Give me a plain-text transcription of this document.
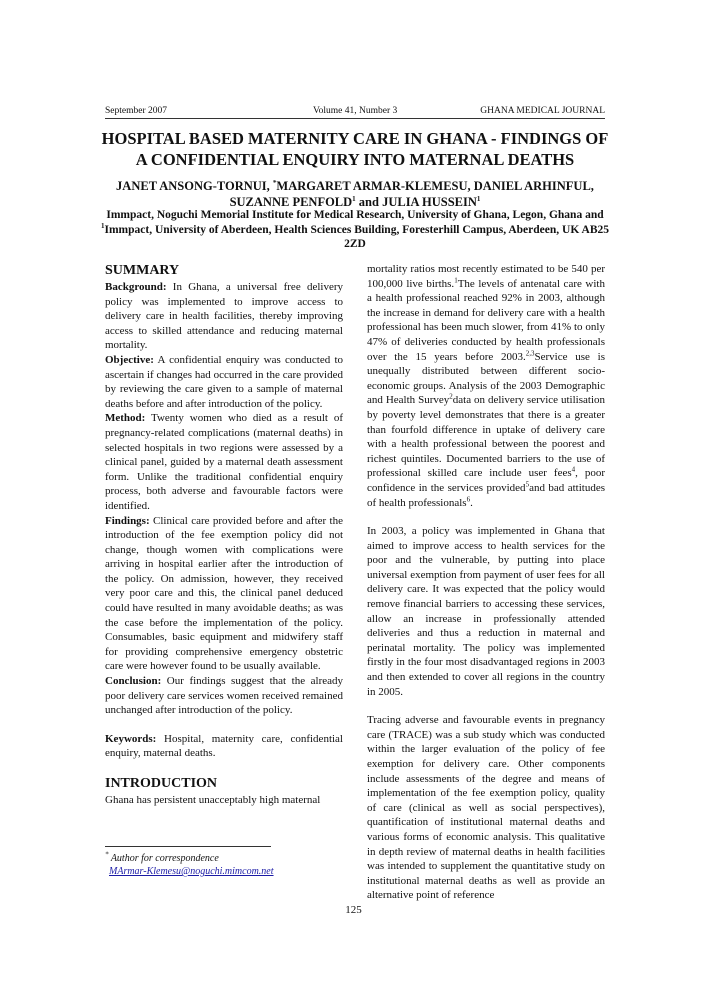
September 2007	Volume 41, Number 3	GHANA MEDICAL JOURNAL
HOSPITAL BASED MATERNITY CARE IN GHANA - FINDINGS OF A CONFIDENTIAL ENQUIRY INTO MATERNAL DEATHS
JANET ANSONG-TORNUI, *MARGARET ARMAR-KLEMESU, DANIEL ARHINFUL, SUZANNE PENFOLD$^1$ and JULIA HUSSEIN$^1$
Immpact, Noguchi Memorial Institute for Medical Research, University of Ghana, Legon, Ghana and $^1$Immpact, University of Aberdeen, Health Sciences Building, Foresterhill Campus, Aberdeen, UK AB25 2ZD
SUMMARY

Background: In Ghana, a universal free delivery policy was implemented to improve access to delivery care in health facilities, thereby improving access to skilled attendance and reducing maternal mortality.

Objective: A confidential enquiry was conducted to ascertain if changes had occurred in the care provided by reviewing the care given to a sample of maternal deaths before and after introduction of the policy.

Method: Twenty women who died as a result of pregnancy-related complications (maternal deaths) in selected hospitals in two regions were assessed by a clinical panel, guided by a maternal death assessment form. Unlike the traditional confidential enquiry process, both adverse and favourable factors were identified.

Findings: Clinical care provided before and after the introduction of the fee exemption policy did not change, though women with complications were arriving in hospital earlier after the introduction of the policy. On admission, however, they received very poor care and this, the clinical panel deduced could have resulted in many avoidable deaths; as was the case before the implementation of the policy. Consumables, basic equipment and midwifery staff for providing comprehensive emergency obstetric care were however found to be usually available.

Conclusion: Our findings suggest that the already poor delivery care services women received remained unchanged after introduction of the policy.

Keywords: Hospital, maternity care, confidential enquiry, maternal deaths.

INTRODUCTION

Ghana has persistent unacceptably high maternal

mortality ratios most recently estimated to be 540 per 100,000 live births.$^1$The levels of antenatal care with a health professional reached 92% in 2003, although the increase in demand for delivery care with a health professional has been much slower, from 41% to only 47% of deliveries conducted by health professionals over the 15 years before 2003.$^{2,3}$Service use is unequally distributed between different socio-economic groups. Analysis of the 2003 Demographic and Health Survey$^2$data on delivery service utilisation by poverty level demonstrates that there is a greater than fourfold difference in uptake of delivery care with a health professional between the poorest and richest quintiles. Documented barriers to the use of professional skilled care include user fees$^4$, poor confidence in the services provided$^5$and bad attitudes of health professionals$^6$.

In 2003, a policy was implemented in Ghana that aimed to improve access to health services for the poor and the vulnerable, by putting into place universal exemption from payment of user fees for all delivery care. It was expected that the policy would remove financial barriers to accessing these services, allow an increase in professionally attended deliveries and thus a reduction in maternal and perinatal mortality. The policy was implemented firstly in the four most disadvantaged regions in 2003 and then extended to cover all regions in the country in 2005.

Tracing adverse and favourable events in pregnancy care (TRACE) was a sub study which was conducted within the larger evaluation of the policy of fee exemption for delivery care. Other components include assessments of the degree and means of implementation of the fee exemption policy, quality of care (clinical as well as social perspectives), quantification of institutional maternal deaths and various forms of economic analysis. This qualitative in depth review of maternal deaths in health facilities was intended to supplement the quantitative study on institutional maternal deaths as well as provide an alternative point of reference

* Author for correspondence
MArmar-Klemesu@noguchi.mimcom.net
125
